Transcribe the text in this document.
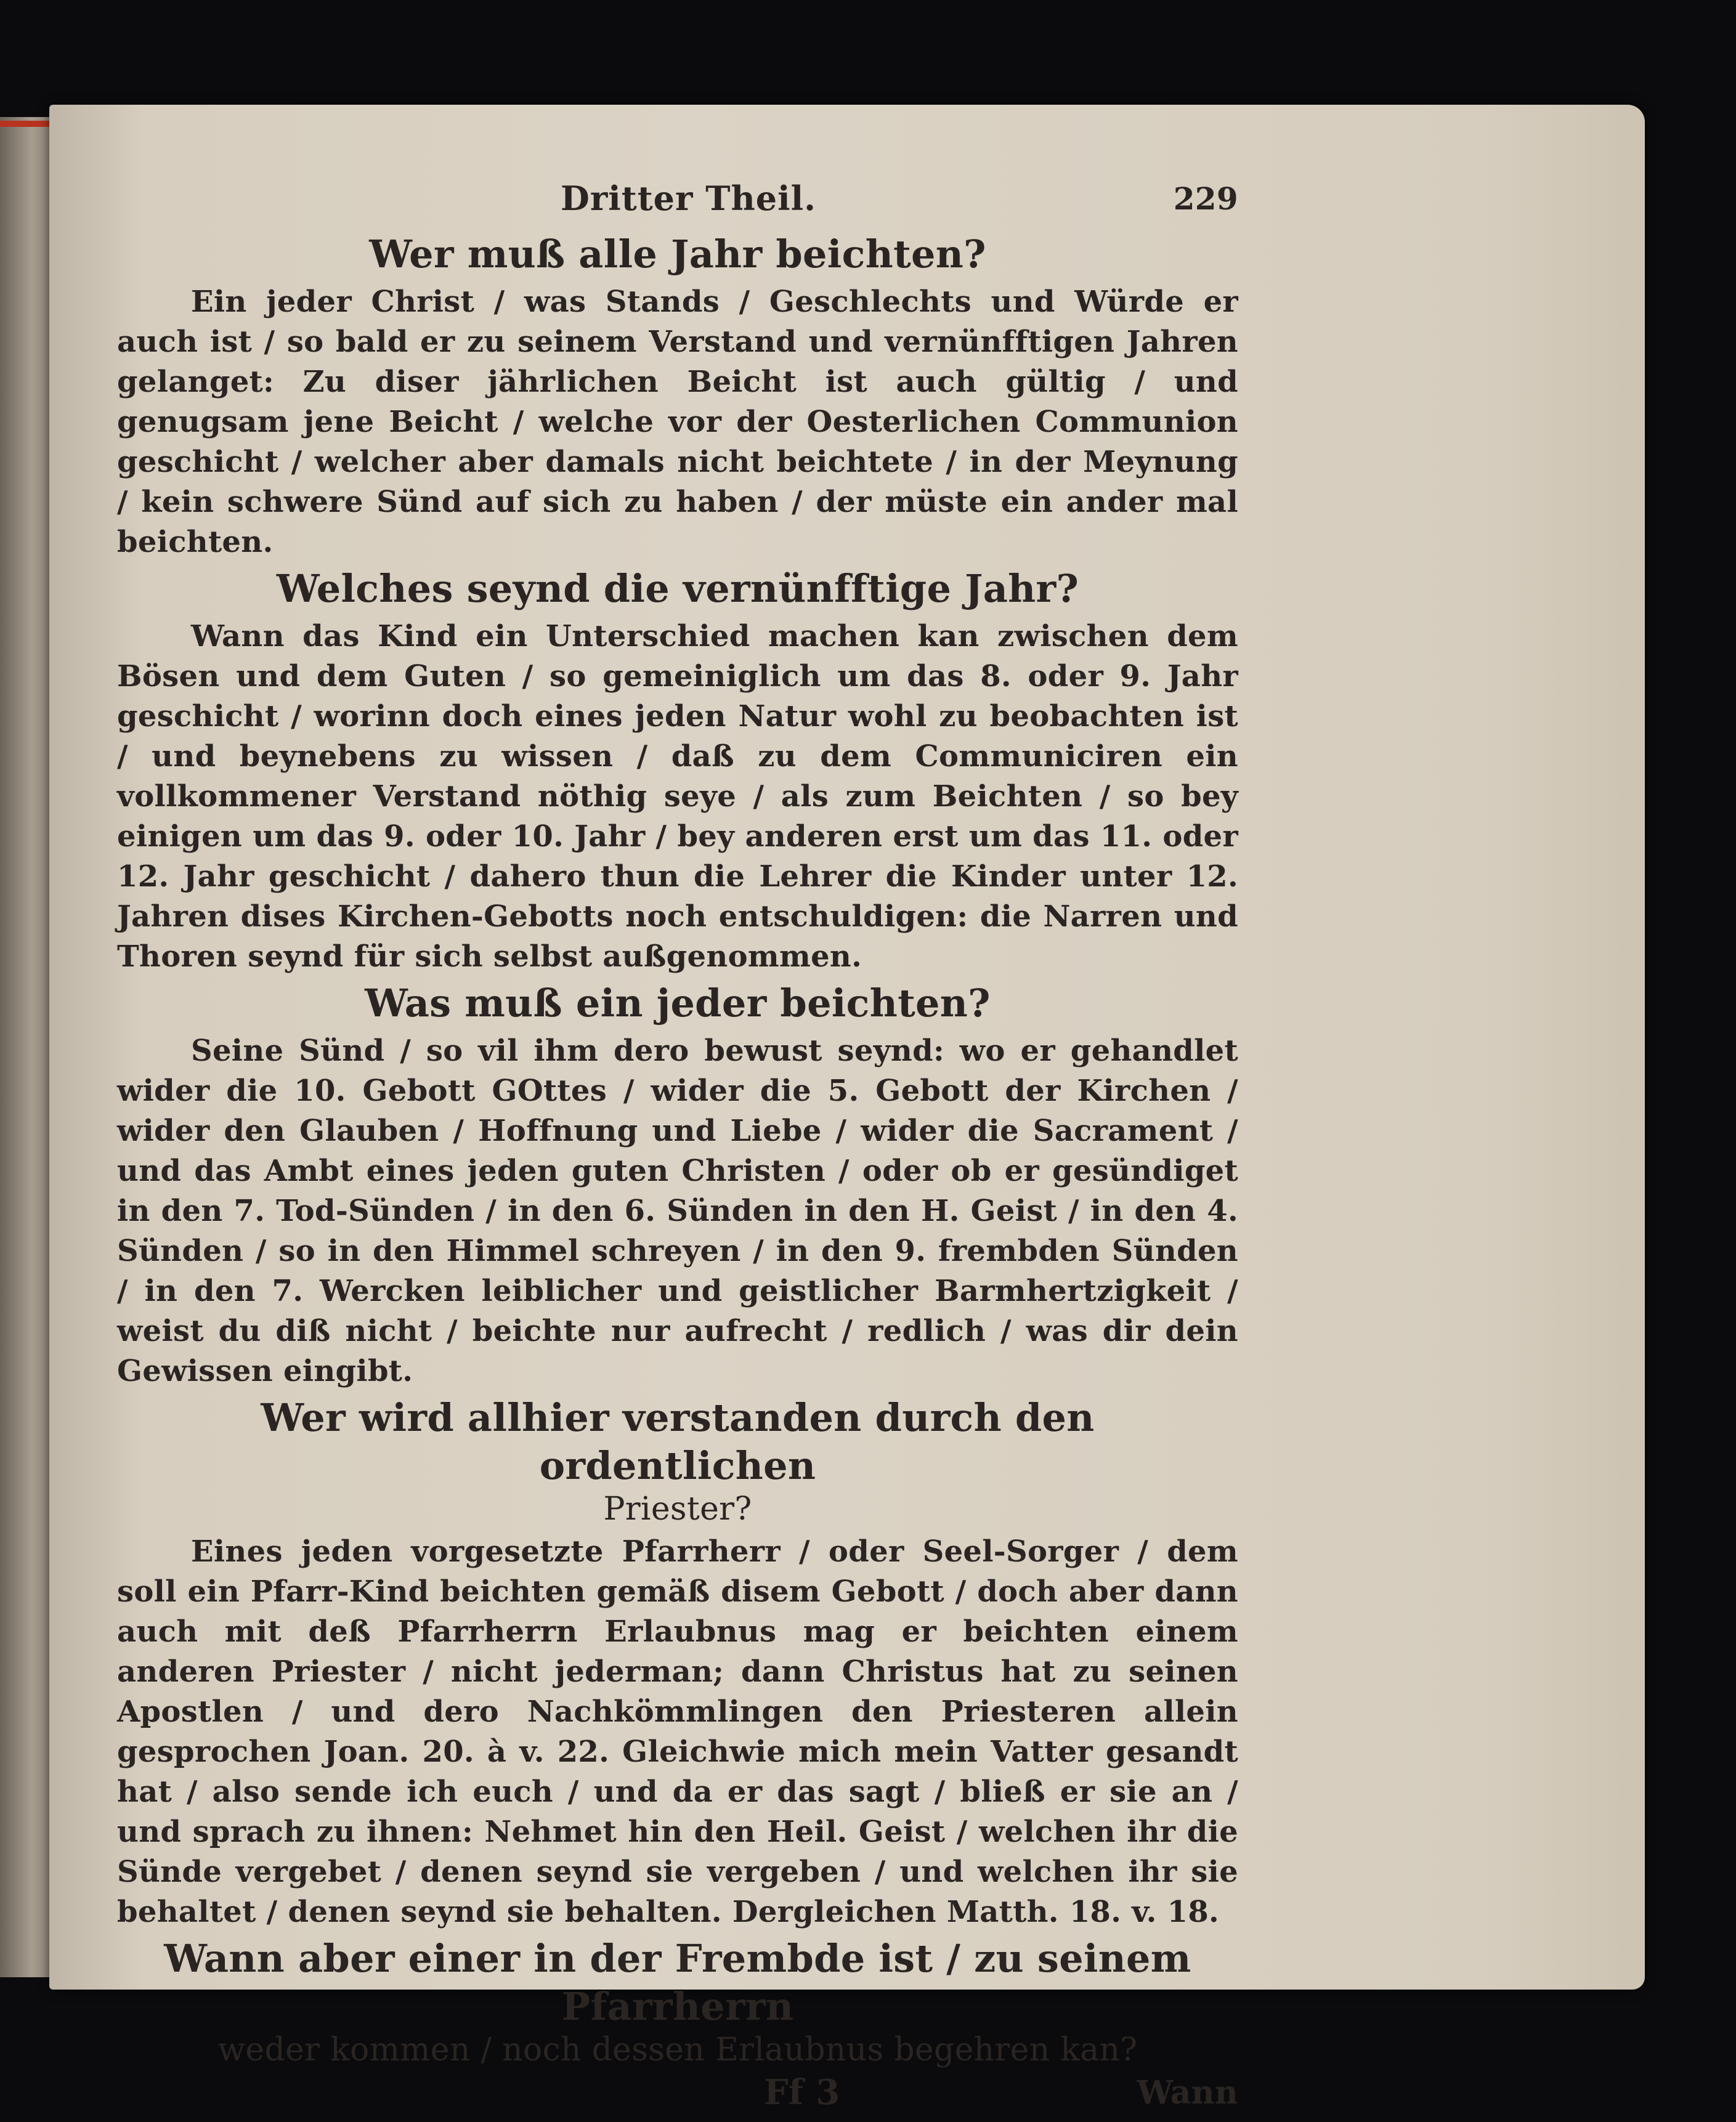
Dritter Theil.	229
Wer muß alle Jahr beichten?

Ein jeder Christ / was Stands / Geschlechts und Würde er auch ist / so bald er zu seinem Verstand und vernünfftigen Jahren gelanget: Zu diser jährlichen Beicht ist auch gültig / und genugsam jene Beicht / welche vor der Oesterlichen Communion geschicht / welcher aber damals nicht beichtete / in der Meynung / kein schwere Sünd auf sich zu haben / der müste ein ander mal beichten.

Welches seynd die vernünfftige Jahr?

Wann das Kind ein Unterschied machen kan zwischen dem Bösen und dem Guten / so gemeiniglich um das 8. oder 9. Jahr geschicht / worinn doch eines jeden Natur wohl zu beobachten ist / und beynebens zu wissen / daß zu dem Communiciren ein vollkommener Verstand nöthig seye / als zum Beichten / so bey einigen um das 9. oder 10. Jahr / bey anderen erst um das 11. oder 12. Jahr geschicht / dahero thun die Lehrer die Kinder unter 12. Jahren dises Kirchen-Gebotts noch entschuldigen: die Narren und Thoren seynd für sich selbst außgenommen.

Was muß ein jeder beichten?

Seine Sünd / so vil ihm dero bewust seynd: wo er gehandlet wider die 10. Gebott GOttes / wider die 5. Gebott der Kirchen / wider den Glauben / Hoffnung und Liebe / wider die Sacrament / und das Ambt eines jeden guten Christen / oder ob er gesündiget in den 7. Tod-Sünden / in den 6. Sünden in den H. Geist / in den 4. Sünden / so in den Himmel schreyen / in den 9. frembden Sünden / in den 7. Wercken leiblicher und geistlicher Barmhertzigkeit / weist du diß nicht / beichte nur aufrecht / redlich / was dir dein Gewissen eingibt.

Wer wird allhier verstanden durch den ordentlichen
Priester?

Eines jeden vorgesetzte Pfarrherr / oder Seel-Sorger / dem soll ein Pfarr-Kind beichten gemäß disem Gebott / doch aber dann auch mit deß Pfarrherrn Erlaubnus mag er beichten einem anderen Priester / nicht jederman; dann Christus hat zu seinen Apostlen / und dero Nachkömmlingen den Priesteren allein gesprochen Joan. 20. à v. 22. Gleichwie mich mein Vatter gesandt hat / also sende ich euch / und da er das sagt / bließ er sie an / und sprach zu ihnen: Nehmet hin den Heil. Geist / welchen ihr die Sünde vergebet / denen seynd sie vergeben / und welchen ihr sie behaltet / denen seynd sie behalten. Dergleichen Matth. 18. v. 18.

Wann aber einer in der Frembde ist / zu seinem Pfarrherrn
weder kommen / noch dessen Erlaubnus begehren kan?
Ff 3	Wann
